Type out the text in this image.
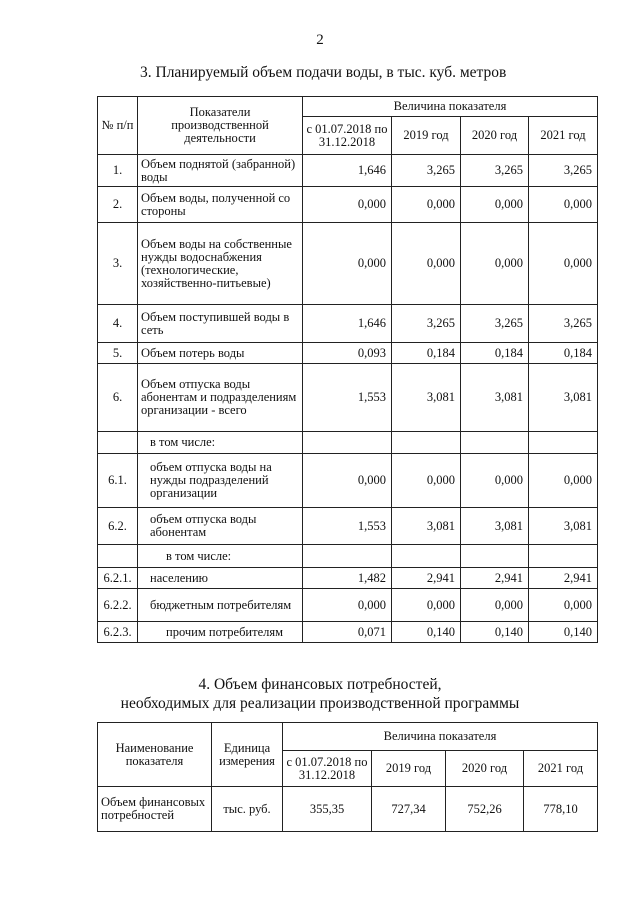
2
3. Планируемый объем подачи воды, в тыс. куб. метров
№ п/п	Показатели производственной деятельности	Величина показателя			
		с 01.07.2018 по 31.12.2018	2019 год	2020 год	2021 год
1.	Объем поднятой (забранной) воды	1,646	3,265	3,265	3,265
2.	Объем воды, полученной со стороны	0,000	0,000	0,000	0,000
3.	Объем воды на собственные нужды водоснабжения (технологические, хозяйственно-питьевые)	0,000	0,000	0,000	0,000
4.	Объем поступившей воды в сеть	1,646	3,265	3,265	3,265
5.	Объем потерь воды	0,093	0,184	0,184	0,184
6.	Объем отпуска воды абонентам и подразделениям организации - всего	1,553	3,081	3,081	3,081
	в том числе:				
6.1.	объем отпуска воды на нужды подразделений организации	0,000	0,000	0,000	0,000
6.2.	объем отпуска воды абонентам	1,553	3,081	3,081	3,081
	в том числе:				
6.2.1.	населению	1,482	2,941	2,941	2,941
6.2.2.	бюджетным потребителям	0,000	0,000	0,000	0,000
6.2.3.	прочим потребителям	0,071	0,140	0,140	0,140
4. Объем финансовых потребностей,
необходимых для реализации производственной программы
Наименование показателя	Единица измерения	Величина показателя			
		с 01.07.2018 по 31.12.2018	2019 год	2020 год	2021 год
Объем финансовых потребностей	тыс. руб.	355,35	727,34	752,26	778,10
